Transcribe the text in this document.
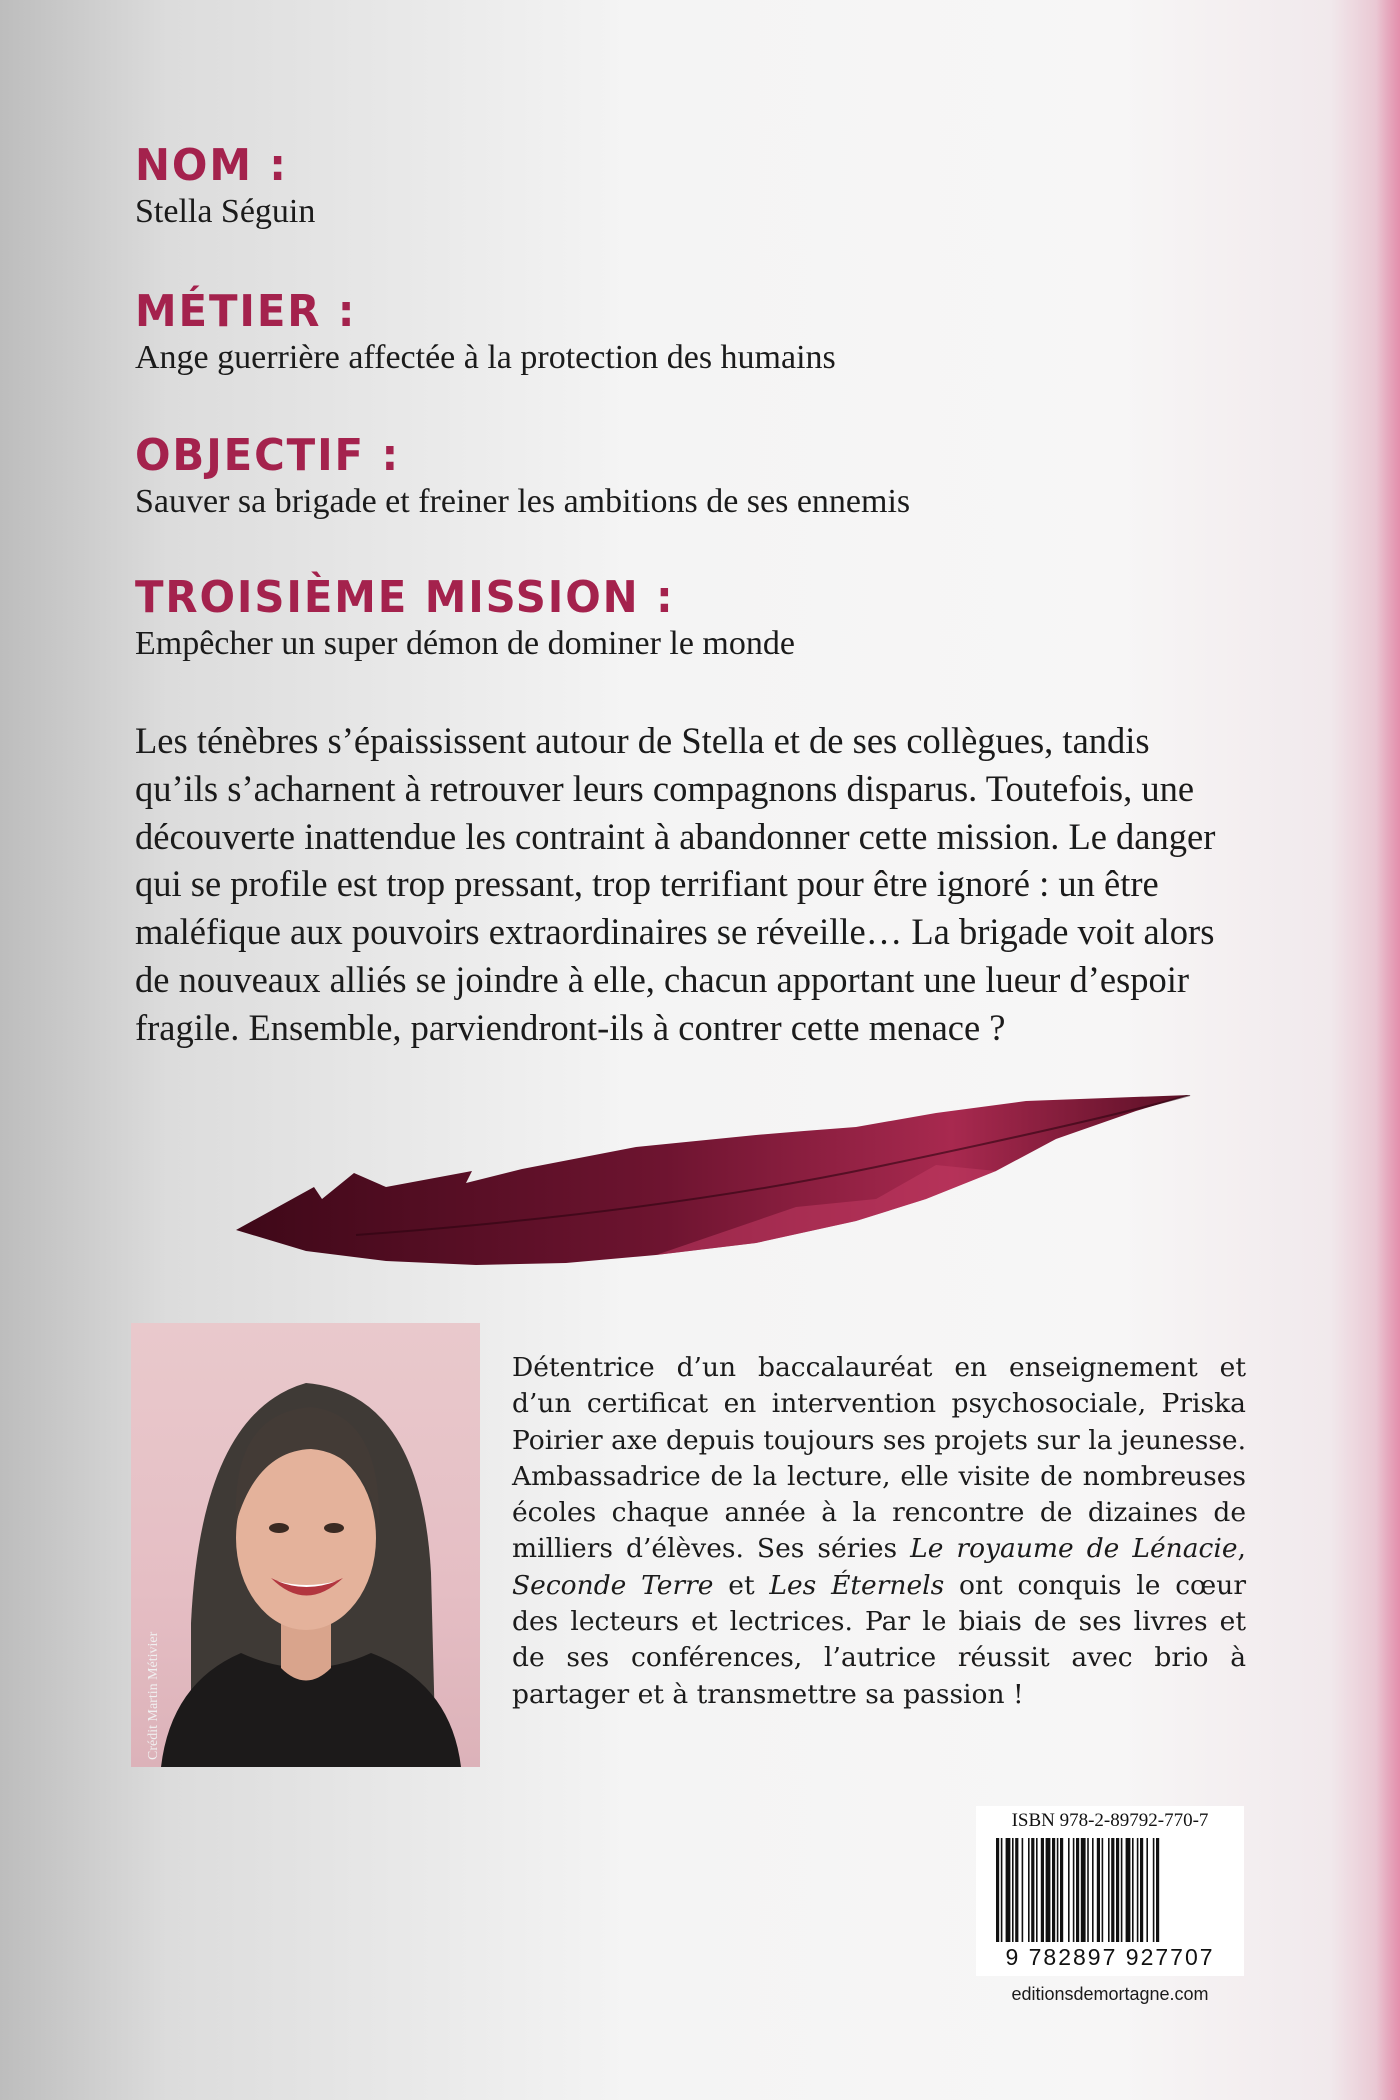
NOM :

Stella Séguin

MÉTIER :

Ange guerrière affectée à la protection des humains

OBJECTIF :

Sauver sa brigade et freiner les ambitions de ses ennemis

TROISIÈME MISSION :

Empêcher un super démon de dominer le monde

Les ténèbres s’épaississent autour de Stella et de ses collègues, tandis qu’ils s’acharnent à retrouver leurs compagnons disparus. Toutefois, une découverte inattendue les contraint à abandonner cette mission. Le danger qui se profile est trop pressant, trop terrifiant pour être ignoré : un être maléfique aux pouvoirs extraordinaires se réveille… La brigade voit alors de nouveaux alliés se joindre à elle, chacun apportant une lueur d’espoir fragile. Ensemble, parviendront-ils à contrer cette menace ?

Crédit Martin Métivier

Détentrice d’un baccalauréat en enseignement et d’un certificat en intervention psychosociale, Priska Poirier axe depuis toujours ses projets sur la jeunesse. Ambassadrice de la lecture, elle visite de nombreuses écoles chaque année à la rencontre de dizaines de milliers d’élèves. Ses séries Le royaume de Lénacie, Seconde Terre et Les Éternels ont conquis le cœur des lecteurs et lectrices. Par le biais de ses livres et de ses conférences, l’autrice réussit avec brio à partager et à transmettre sa passion !

ISBN 978-2-89792-770-7
9 782897 927707
editionsdemortagne.com
